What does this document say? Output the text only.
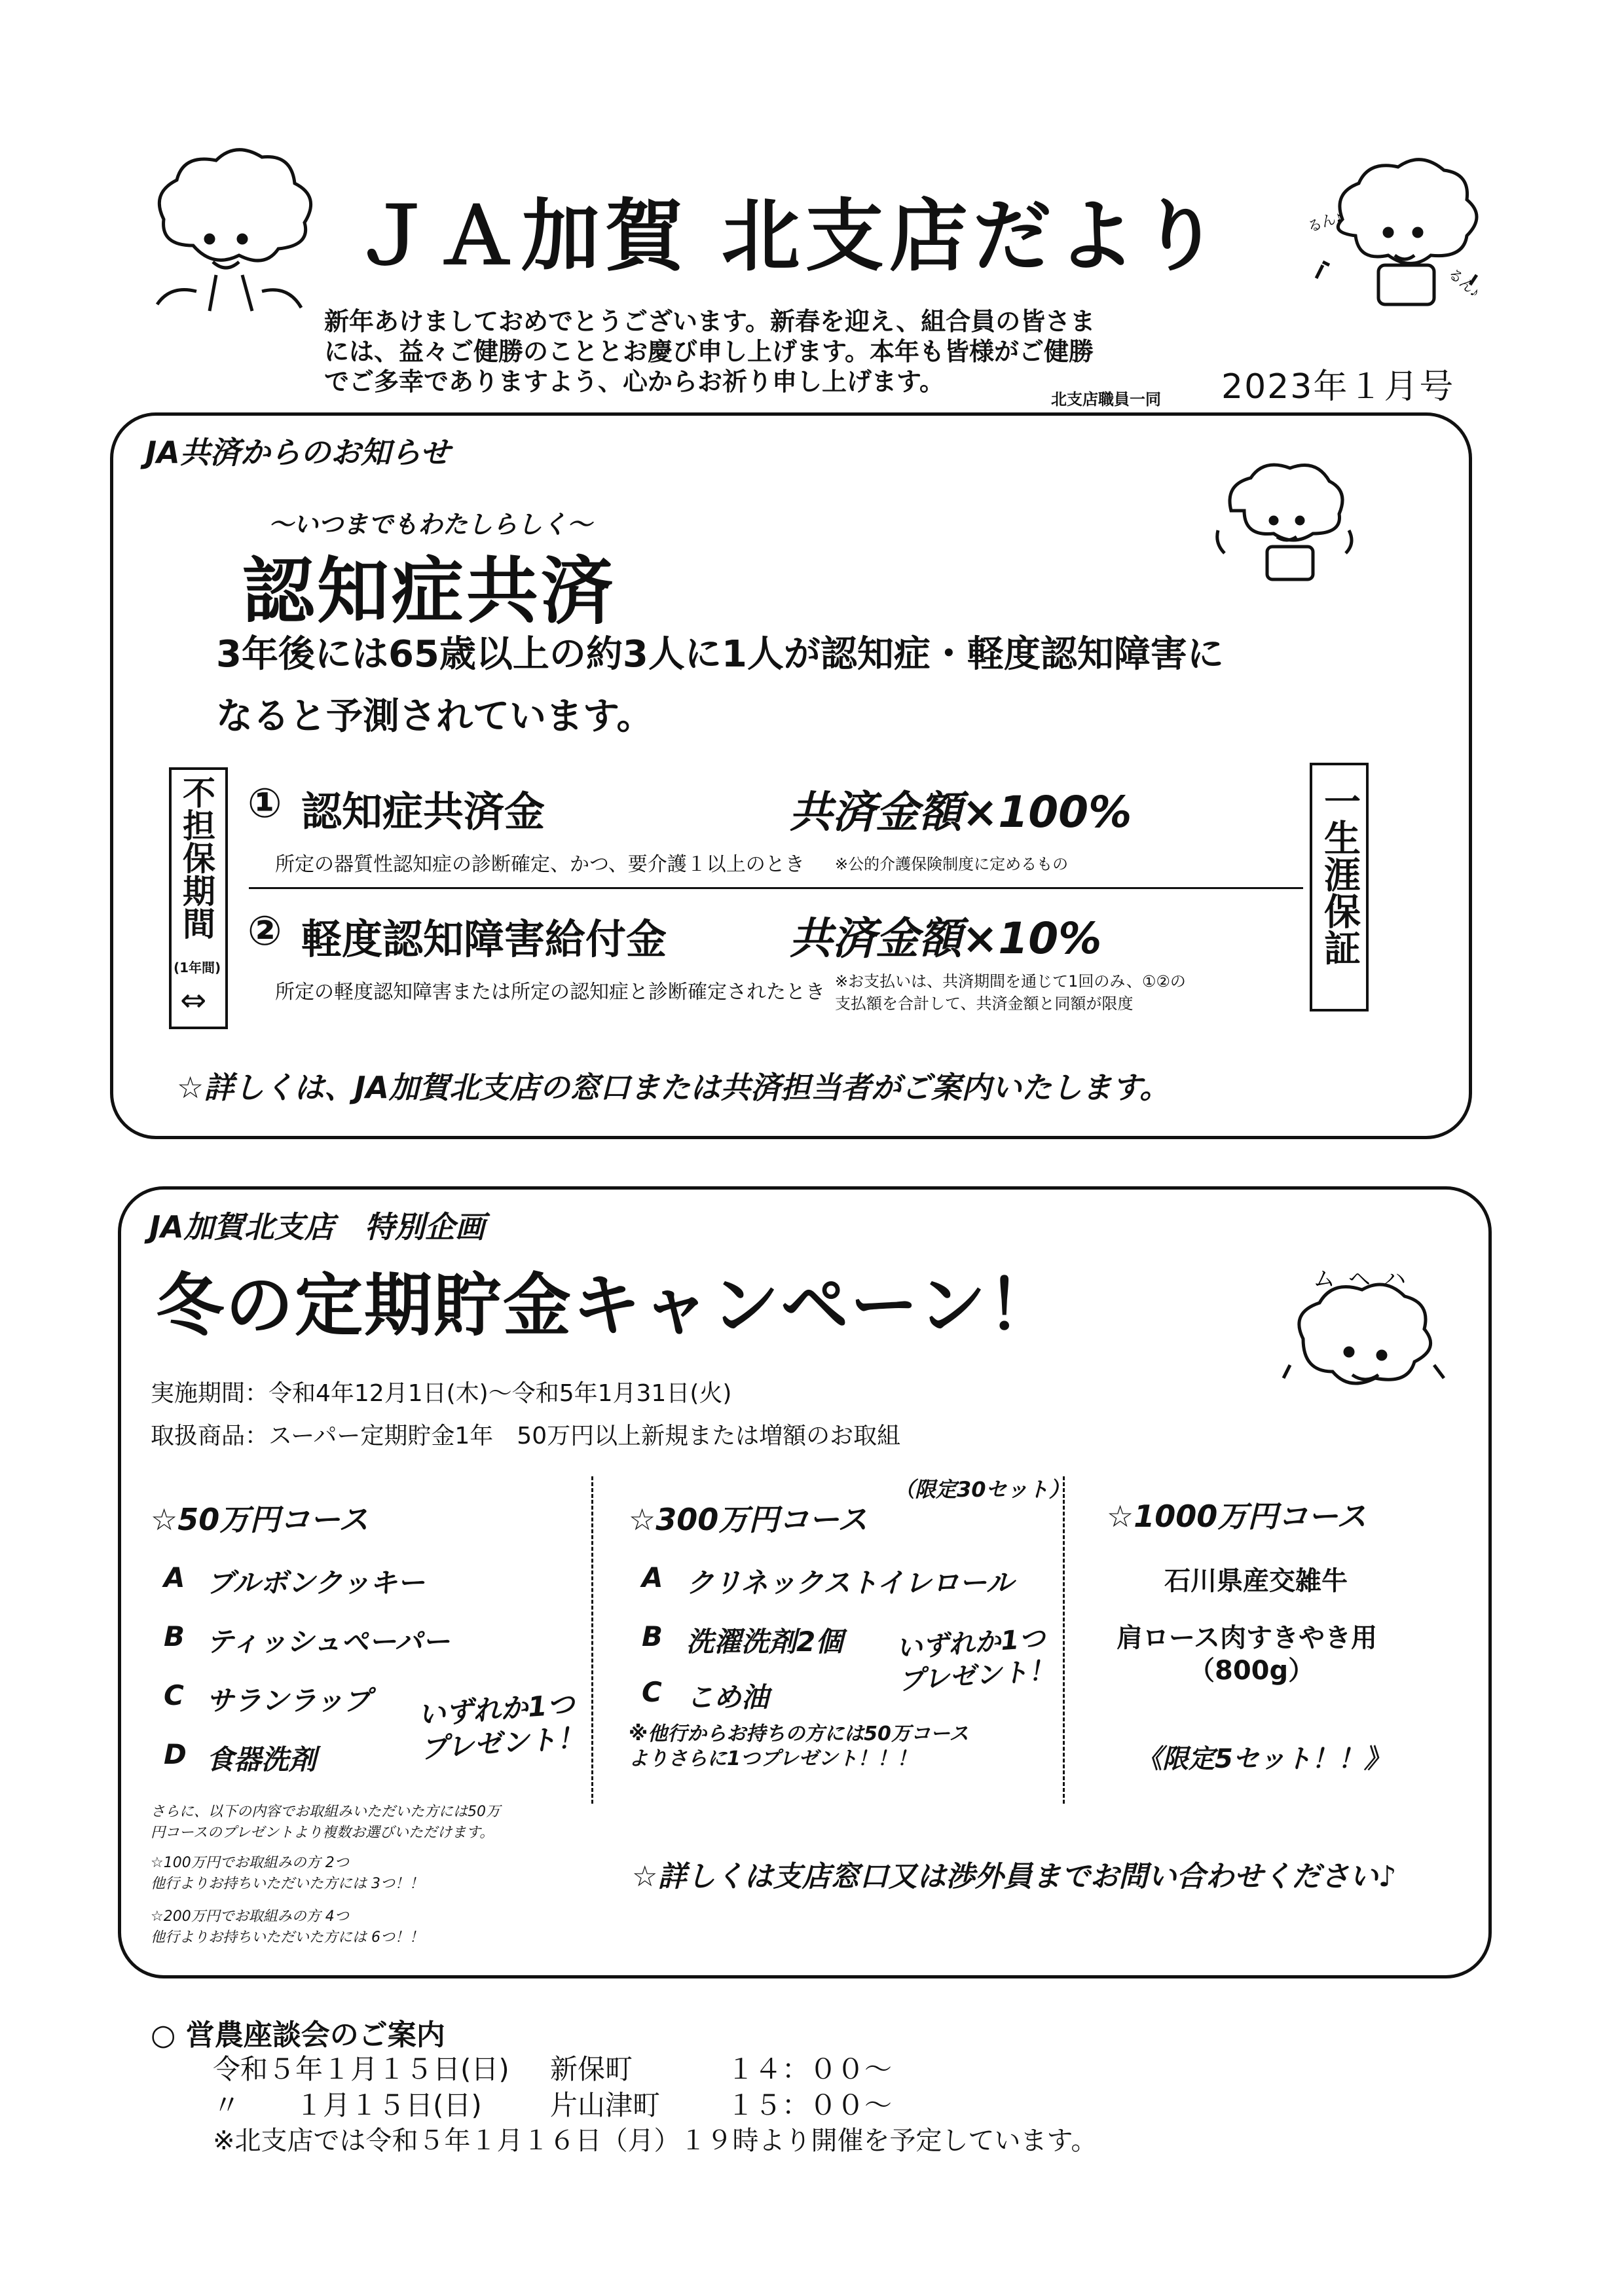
ＪＡ加賀 北支店だより	るん♪
るん♪
新年あけましておめでとうございます。新春を迎え、組合員の皆さま
には、益々ご健勝のこととお慶び申し上げます。本年も皆様がご健勝
でご多幸でありますよう、心からお祈り申し上げます。
北支店職員一同 2023年１月号
JA共済からのお知らせ
～いつまでもわたしらしく～
認知症共済
3年後には65歳以上の約3人に1人が認知症・軽度認知障害に
なると予測されています。
不担保期間
(1年間)
⇔
一生涯保証
① 認知症共済金	共済金額×100%
所定の器質性認知症の診断確定、かつ、要介護１以上のとき ※公的介護保険制度に定めるもの
② 軽度認知障害給付金	共済金額×10%
所定の軽度認知障害または所定の認知症と診断確定されたとき ※お支払いは、共済期間を通じて1回のみ、①②の
支払額を合計して、共済金額と同額が限度
☆詳しくは、JA加賀北支店の窓口または共済担当者がご案内いたします。
JA加賀北支店　特別企画
冬の定期貯金キャンペーン！	ムヘハ
実施期間：令和4年12月1日(木)～令和5年1月31日(火)
取扱商品：スーパー定期貯金1年　50万円以上新規または増額のお取組
☆50万円コース
A ブルボンクッキー
B ティッシュペーパー
C サランラップ
D 食器洗剤
いずれか1つ
プレゼント！
さらに、以下の内容でお取組みいただいた方には50万
円コースのプレゼントより複数お選びいただけます。
☆100万円でお取組みの方 2つ
他行よりお持ちいただいた方には 3つ！！
☆200万円でお取組みの方 4つ
他行よりお持ちいただいた方には 6つ！！
☆300万円コース
（限定30セット）
A クリネックストイレロール
B 洗濯洗剤2個
C こめ油
いずれか1つ
プレゼント！
※他行からお持ちの方には50万コース
よりさらに1つプレゼント！！！
☆1000万円コース
石川県産交雑牛
肩ロース肉すきやき用
（800g）
《限定5セット！！》
☆詳しくは支店窓口又は渉外員までお問い合わせください♪
○ 営農座談会のご案内
令和５年１月１５日(日) 新保町	１４：００～
〃　　１月１５日(日) 片山津町 １５：００～
※北支店では令和５年１月１６日（月）１９時より開催を予定しています。
